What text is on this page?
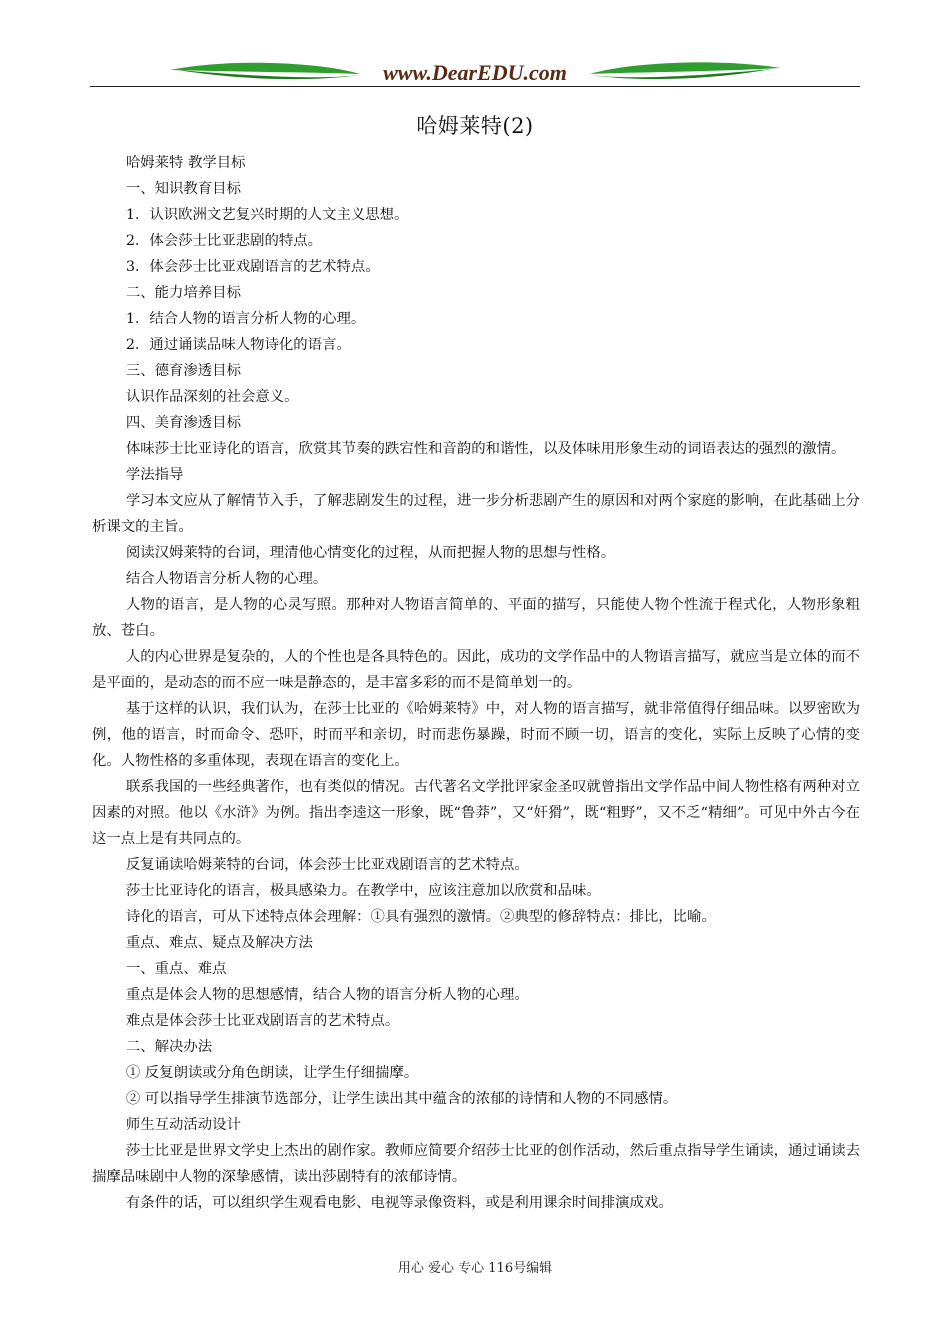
www.DearEDU.com
哈姆莱特(2)

哈姆莱特 教学目标

一、知识教育目标

1．认识欧洲文艺复兴时期的人文主义思想。

2．体会莎士比亚悲剧的特点。

3．体会莎士比亚戏剧语言的艺术特点。

二、能力培养目标

1．结合人物的语言分析人物的心理。

2．通过诵读品味人物诗化的语言。

三、德育渗透目标

认识作品深刻的社会意义。

四、美育渗透目标

体味莎士比亚诗化的语言，欣赏其节奏的跌宕性和音韵的和谐性，以及体味用形象生动的词语表达的强烈的激情。

学法指导

学习本文应从了解情节入手，了解悲剧发生的过程，进一步分析悲剧产生的原因和对两个家庭的影响，在此基础上分析课文的主旨。

阅读汉姆莱特的台词，理清他心情变化的过程，从而把握人物的思想与性格。

结合人物语言分析人物的心理。

人物的语言，是人物的心灵写照。那种对人物语言简单的、平面的描写，只能使人物个性流于程式化，人物形象粗放、苍白。

人的内心世界是复杂的，人的个性也是各具特色的。因此，成功的文学作品中的人物语言描写，就应当是立体的而不是平面的，是动态的而不应一味是静态的，是丰富多彩的而不是简单划一的。

基于这样的认识，我们认为，在莎士比亚的《哈姆莱特》中，对人物的语言描写，就非常值得仔细品味。以罗密欧为例，他的语言，时而命令、恐吓，时而平和亲切，时而悲伤暴躁，时而不顾一切，语言的变化，实际上反映了心情的变化。人物性格的多重体现，表现在语言的变化上。

联系我国的一些经典著作，也有类似的情况。古代著名文学批评家金圣叹就曾指出文学作品中间人物性格有两种对立因素的对照。他以《水浒》为例。指出李逵这一形象，既“鲁莽”，又“奸猾”，既“粗野”，又不乏“精细”。可见中外古今在这一点上是有共同点的。

反复诵读哈姆莱特的台词，体会莎士比亚戏剧语言的艺术特点。

莎士比亚诗化的语言，极具感染力。在教学中，应该注意加以欣赏和品味。

诗化的语言，可从下述特点体会理解：①具有强烈的激情。②典型的修辞特点：排比，比喻。

重点、难点、疑点及解决方法

一、重点、难点

重点是体会人物的思想感情，结合人物的语言分析人物的心理。

难点是体会莎士比亚戏剧语言的艺术特点。

二、解决办法

① 反复朗读或分角色朗读，让学生仔细揣摩。

② 可以指导学生排演节选部分，让学生读出其中蕴含的浓郁的诗情和人物的不同感情。

师生互动活动设计

莎士比亚是世界文学史上杰出的剧作家。教师应简要介绍莎士比亚的创作活动，然后重点指导学生诵读，通过诵读去揣摩品味剧中人物的深挚感情，读出莎剧特有的浓郁诗情。

有条件的话，可以组织学生观看电影、电视等录像资料，或是利用课余时间排演成戏。

用心 爱心 专心 116号编辑
